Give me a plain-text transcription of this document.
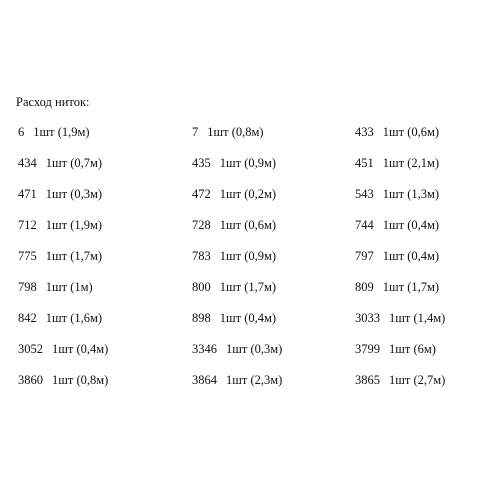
Расход ниток:
6 1шт (1,9м)	7 1шт (0,8м)	433 1шт (0,6м)
434 1шт (0,7м)	435 1шт (0,9м)	451 1шт (2,1м)
471 1шт (0,3м)	472 1шт (0,2м)	543 1шт (1,3м)
712 1шт (1,9м)	728 1шт (0,6м)	744 1шт (0,4м)
775 1шт (1,7м)	783 1шт (0,9м)	797 1шт (0,4м)
798 1шт (1м)	800 1шт (1,7м)	809 1шт (1,7м)
842 1шт (1,6м)	898 1шт (0,4м)	3033 1шт (1,4м)
3052 1шт (0,4м)	3346 1шт (0,3м)	3799 1шт (6м)
3860 1шт (0,8м)	3864 1шт (2,3м)	3865 1шт (2,7м)
